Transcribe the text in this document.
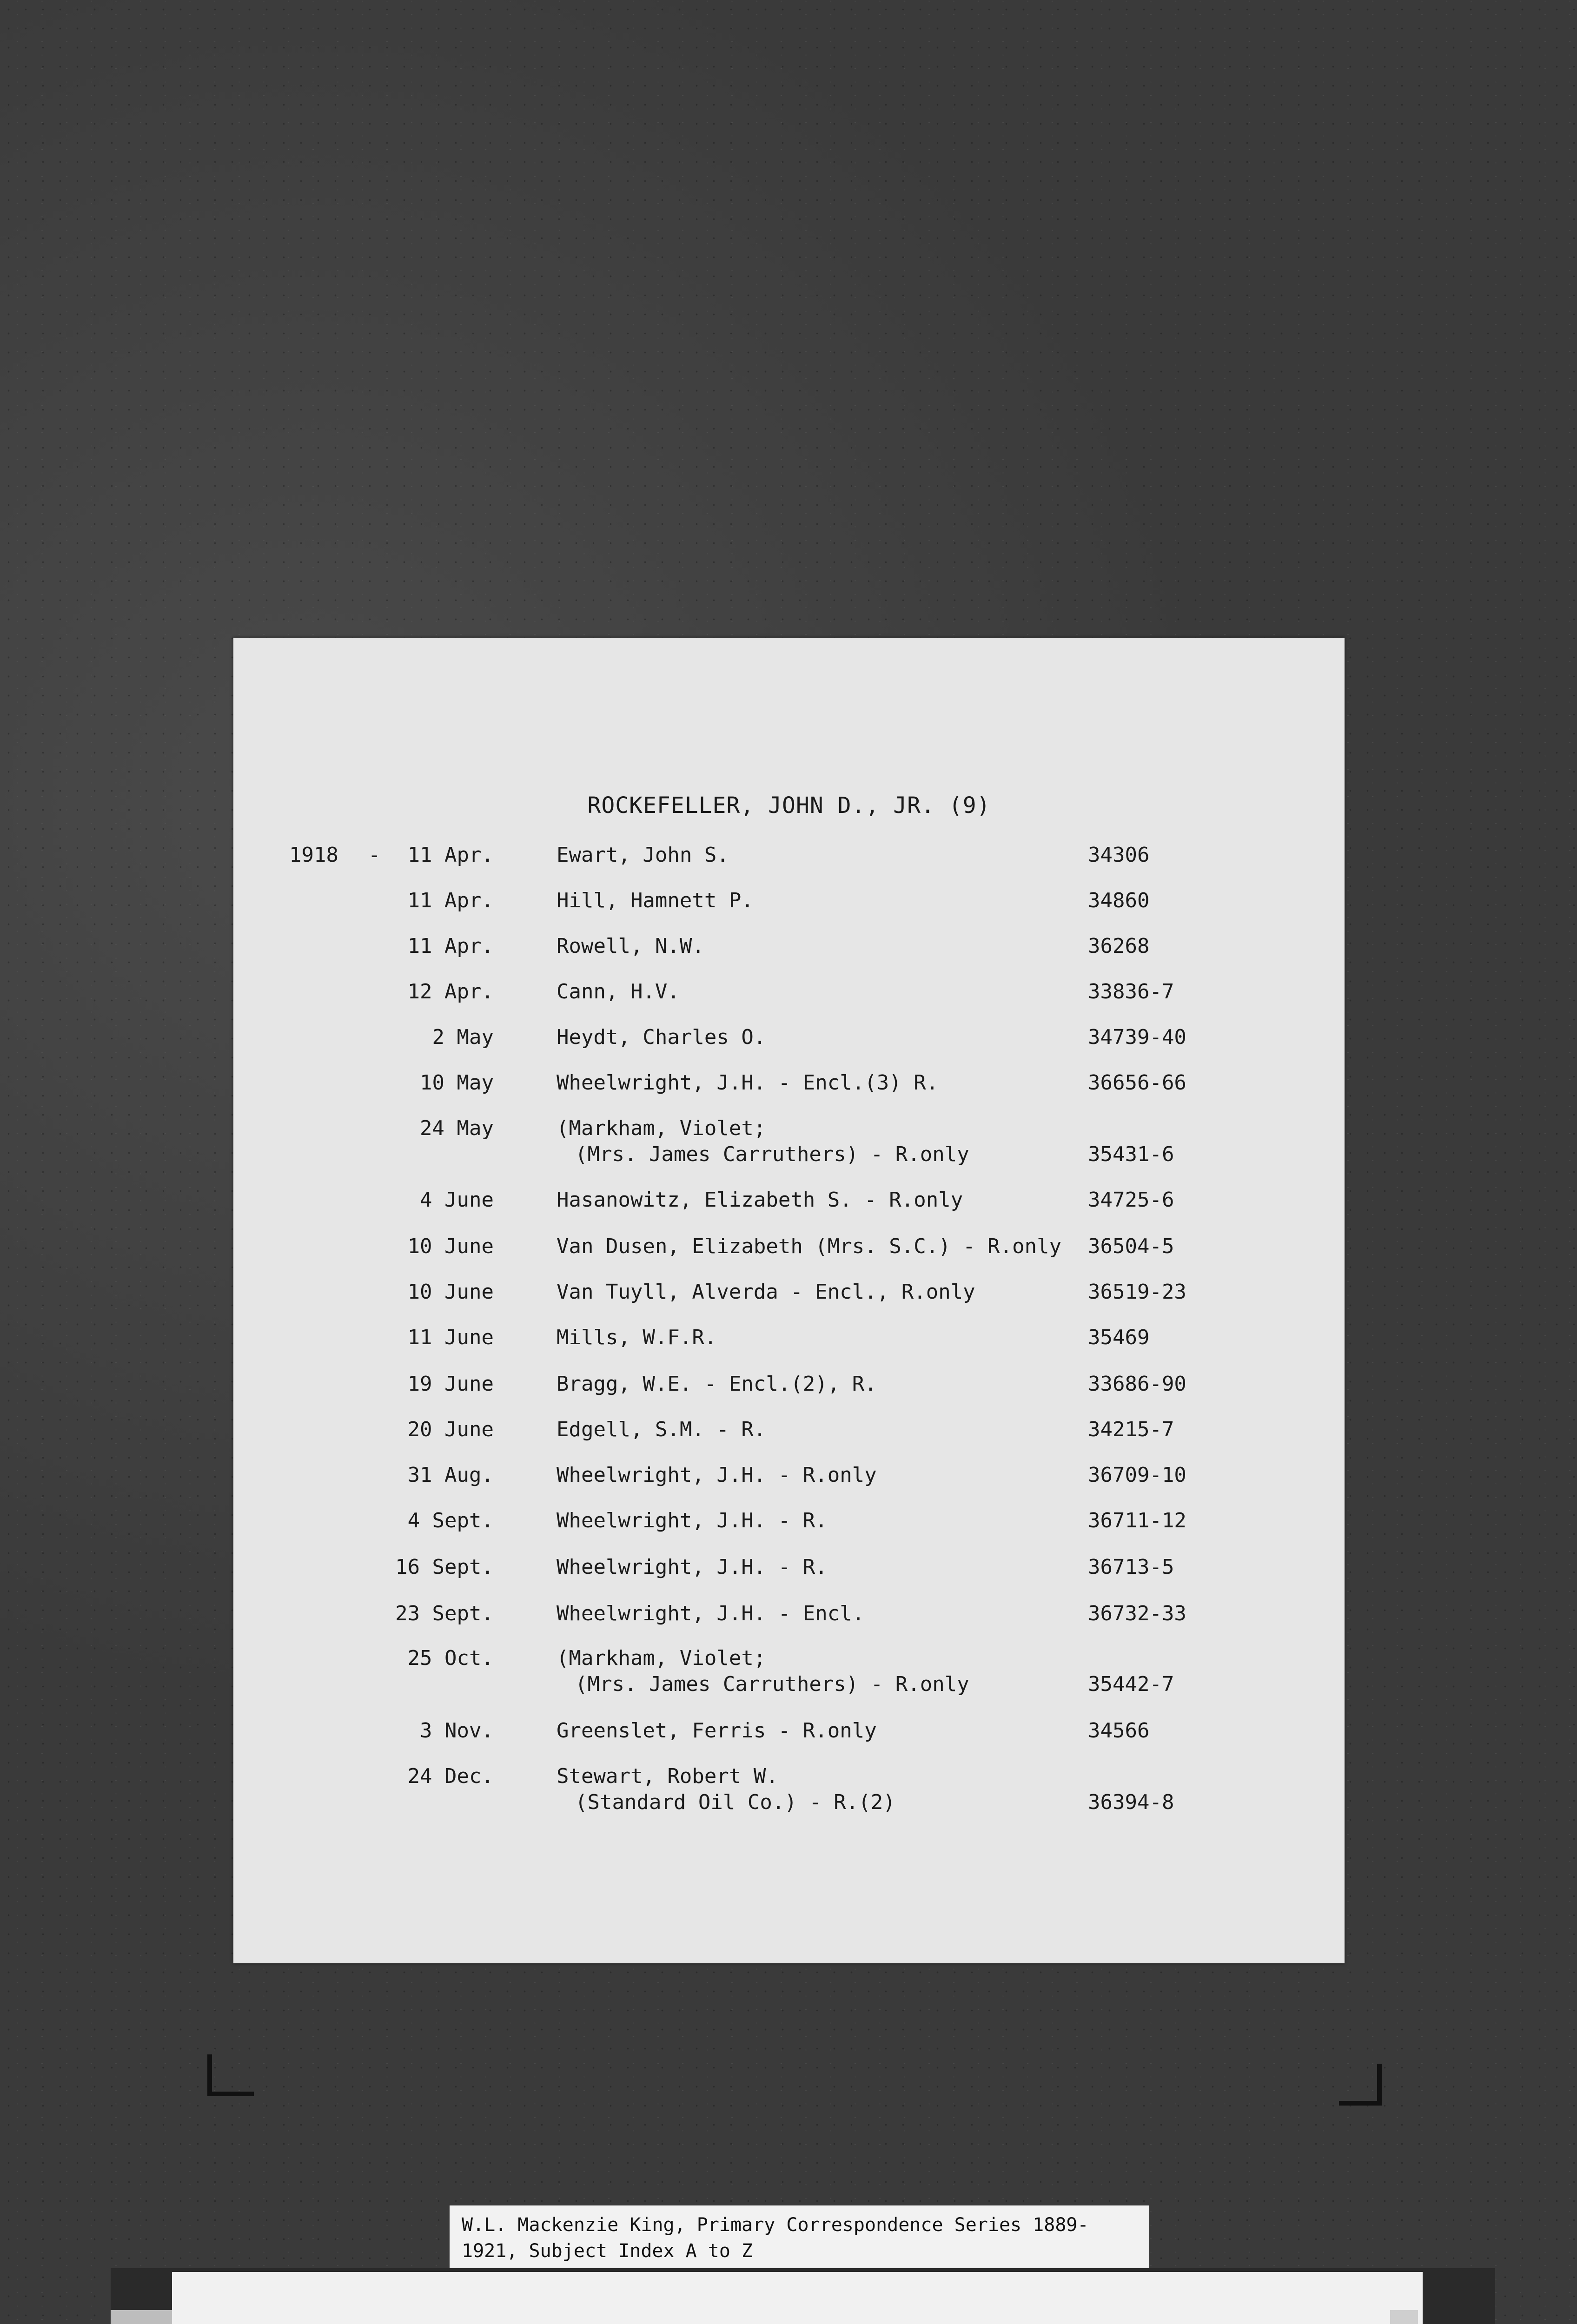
ROCKEFELLER, JOHN D., JR. (9)
1918 -	11 Apr.	Ewart, John S.	34306
11 Apr.	Hill, Hamnett P.	34860
11 Apr.	Rowell, N.W.	36268
12 Apr.	Cann, H.V.	33836-7
2 May	Heydt, Charles O.	34739-40
10 May	Wheelwright, J.H. - Encl.(3) R.	36656-66
24 May	(Markham, Violet;
(Mrs. James Carruthers) - R.only	35431-6
4 June	Hasanowitz, Elizabeth S. - R.only	34725-6
10 June	Van Dusen, Elizabeth (Mrs. S.C.) - R.only 36504-5
10 June	Van Tuyll, Alverda - Encl., R.only	36519-23
11 June	Mills, W.F.R.	35469
19 June	Bragg, W.E. - Encl.(2), R.	33686-90
20 June	Edgell, S.M. - R.	34215-7
31 Aug.	Wheelwright, J.H. - R.only	36709-10
4 Sept.	Wheelwright, J.H. - R.	36711-12
16 Sept.	Wheelwright, J.H. - R.	36713-5
23 Sept.	Wheelwright, J.H. - Encl.	36732-33
25 Oct.	(Markham, Violet;
(Mrs. James Carruthers) - R.only	35442-7
3 Nov.	Greenslet, Ferris - R.only	34566
24 Dec.	Stewart, Robert W.
(Standard Oil Co.) - R.(2)	36394-8
W.L. Mackenzie King, Primary Correspondence Series 1889-
1921, Subject Index A to Z
